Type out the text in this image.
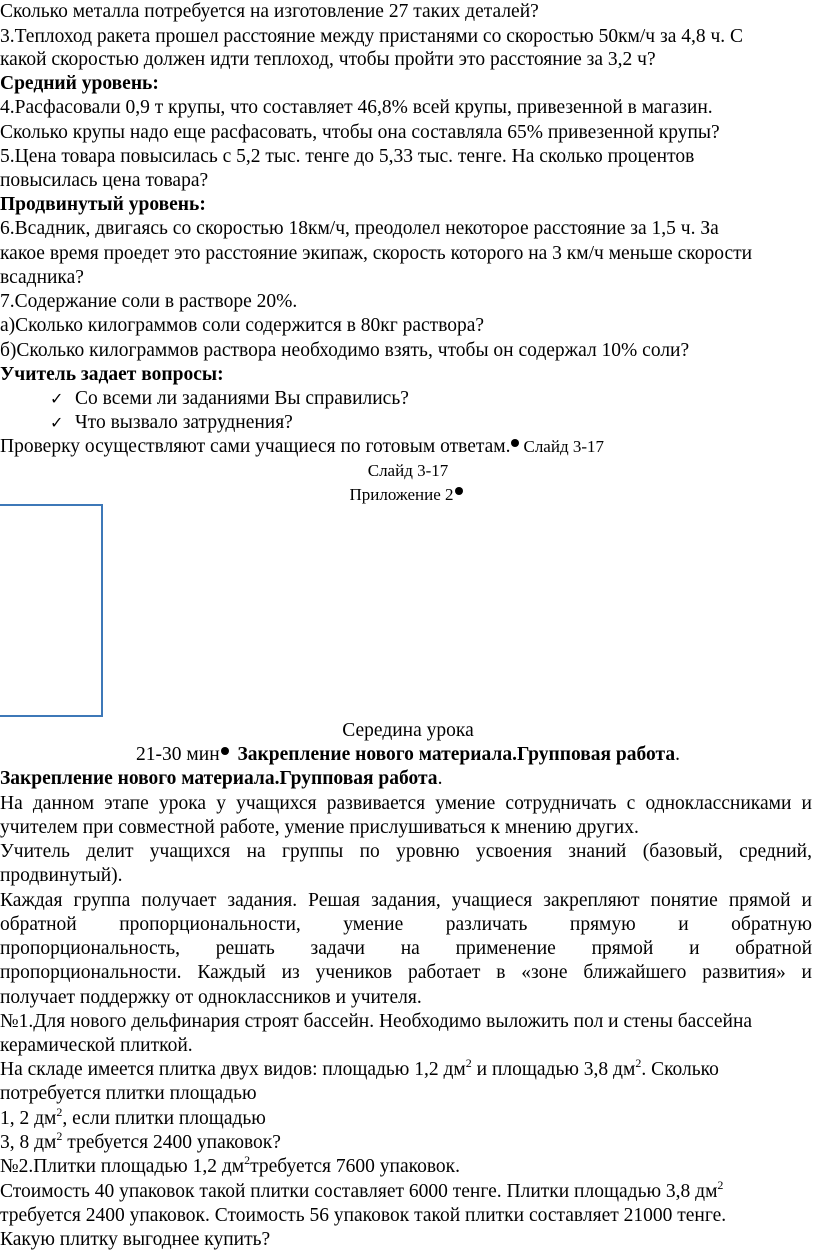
Сколько металла потребуется на изготовление 27 таких деталей?
3.Теплоход ракета прошел расстояние между пристанями со скоростью 50км/ч за 4,8 ч. С
какой скоростью должен идти теплоход, чтобы пройти это расстояние за 3,2 ч?
Средний уровень:
4.Расфасовали 0,9 т крупы, что составляет 46,8% всей крупы, привезенной в магазин.
Сколько крупы надо еще расфасовать, чтобы она составляла 65% привезенной крупы?
5.Цена товара повысилась с 5,2 тыс. тенге до 5,33 тыс. тенге. На сколько процентов
повысилась цена товара?
Продвинутый уровень:
6.Всадник, двигаясь со скоростью 18км/ч, преодолел некоторое расстояние за 1,5 ч. За
какое время проедет это расстояние экипаж, скорость которого на 3 км/ч меньше скорости
всадника?
7.Содержание соли в растворе 20%.
а)Сколько килограммов соли содержится в 80кг раствора?
б)Сколько килограммов раствора необходимо взять, чтобы он содержал 10% соли?
Учитель задает вопросы:
✓ Со всеми ли заданиями Вы справились?
✓ Что вызвало затруднения?
Проверку осуществляют сами учащиеся по готовым ответам. Слайд 3-17
Слайд 3-17
Приложение 2
Середина урока
21-30 мин Закрепление нового материала.Групповая работа.
Закрепление нового материала.Групповая работа.
На данном этапе урока у учащихся развивается умение сотрудничать с одноклассниками и
учителем при совместной работе, умение прислушиваться к мнению других.
Учитель делит учащихся на группы по уровню усвоения знаний (базовый, средний,
продвинутый).
Каждая группа получает задания. Решая задания, учащиеся закрепляют понятие прямой и
обратной пропорциональности, умение различать прямую и обратную
пропорциональность, решать задачи на применение прямой и обратной
пропорциональности. Каждый из учеников работает в «зоне ближайшего развития» и
получает поддержку от одноклассников и учителя.
№1.Для нового дельфинария строят бассейн. Необходимо выложить пол и стены бассейна
керамической плиткой.
На складе имеется плитка двух видов: площадью 1,2 $дм^2$ и площадью 3,8 $дм^2$. Сколько
потребуется плитки площадью
1, 2 $дм^2$, если плитки площадью
3, 8 $дм^2$ требуется 2400 упаковок?
№2.Плитки площадью 1,2 $дм^2требуется$ 7600 упаковок.
Стоимость 40 упаковок такой плитки составляет 6000 тенге. Плитки площадью 3,8 $дм^2$
требуется 2400 упаковок. Стоимость 56 упаковок такой плитки составляет 21000 тенге.
Какую плитку выгоднее купить?
